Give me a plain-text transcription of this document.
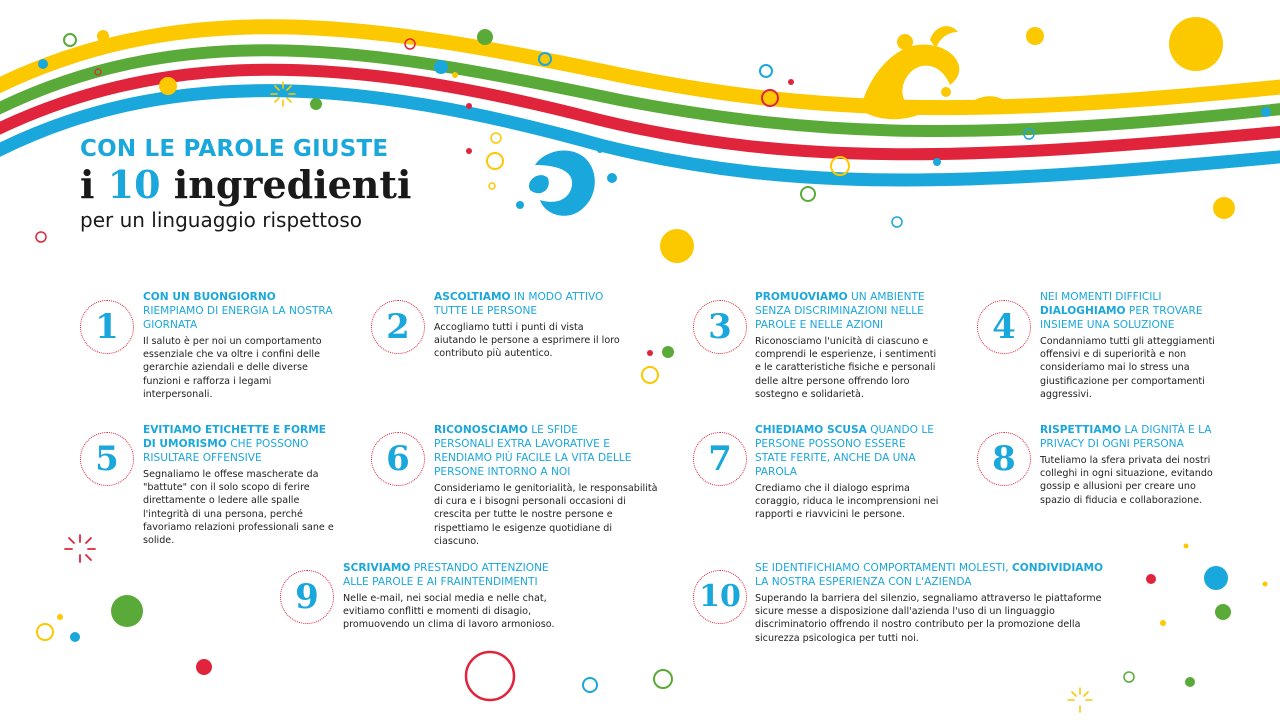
CON LE PAROLE GIUSTE
i 10 ingredienti
per un linguaggio rispettoso
1
CON UN BUONGIORNO RIEMPIAMO DI ENERGIA LA NOSTRA GIORNATA
Il saluto è per noi un comportamento essenziale che va oltre i confini delle gerarchie aziendali e delle diverse funzioni e rafforza i legami interpersonali.
2
ASCOLTIAMO IN MODO ATTIVO TUTTE LE PERSONE
Accogliamo tutti i punti di vista aiutando le persone a esprimere il loro contributo più autentico.
3
PROMUOVIAMO UN AMBIENTE SENZA DISCRIMINAZIONI NELLE PAROLE E NELLE AZIONI
Riconosciamo l'unicità di ciascuno e comprendi le esperienze, i sentimenti e le caratteristiche fisiche e personali delle altre persone offrendo loro sostegno e solidarietà.
4
NEI MOMENTI DIFFICILI DIALOGHIAMO PER TROVARE INSIEME UNA SOLUZIONE
Condanniamo tutti gli atteggiamenti offensivi e di superiorità e non consideriamo mai lo stress una giustificazione per comportamenti aggressivi.
5
EVITIAMO ETICHETTE E FORME DI UMORISMO CHE POSSONO RISULTARE OFFENSIVE
Segnaliamo le offese mascherate da "battute" con il solo scopo di ferire direttamente o ledere alle spalle l'integrità di una persona, perché favoriamo relazioni professionali sane e solide.
6
RICONOSCIAMO LE SFIDE PERSONALI EXTRA LAVORATIVE E RENDIAMO PIÙ FACILE LA VITA DELLE PERSONE INTORNO A NOI
Consideriamo le genitorialità, le responsabilità di cura e i bisogni personali occasioni di crescita per tutte le nostre persone e rispettiamo le esigenze quotidiane di ciascuno.
7
CHIEDIAMO SCUSA QUANDO LE PERSONE POSSONO ESSERE STATE FERITE, ANCHE DA UNA PAROLA
Crediamo che il dialogo esprima coraggio, riduca le incomprensioni nei rapporti e riavvicini le persone.
8
RISPETTIAMO LA DIGNITÀ E LA PRIVACY DI OGNI PERSONA
Tuteliamo la sfera privata dei nostri colleghi in ogni situazione, evitando gossip e allusioni per creare uno spazio di fiducia e collaborazione.
9
SCRIVIAMO PRESTANDO ATTENZIONE ALLE PAROLE E AI FRAINTENDIMENTI
Nelle e-mail, nei social media e nelle chat, evitiamo conflitti e momenti di disagio, promuovendo un clima di lavoro armonioso.
10
SE IDENTIFICHIAMO COMPORTAMENTI MOLESTI, CONDIVIDIAMO LA NOSTRA ESPERIENZA CON L'AZIENDA
Superando la barriera del silenzio, segnaliamo attraverso le piattaforme sicure messe a disposizione dall'azienda l'uso di un linguaggio discriminatorio offrendo il nostro contributo per la promozione della sicurezza psicologica per tutti noi.
